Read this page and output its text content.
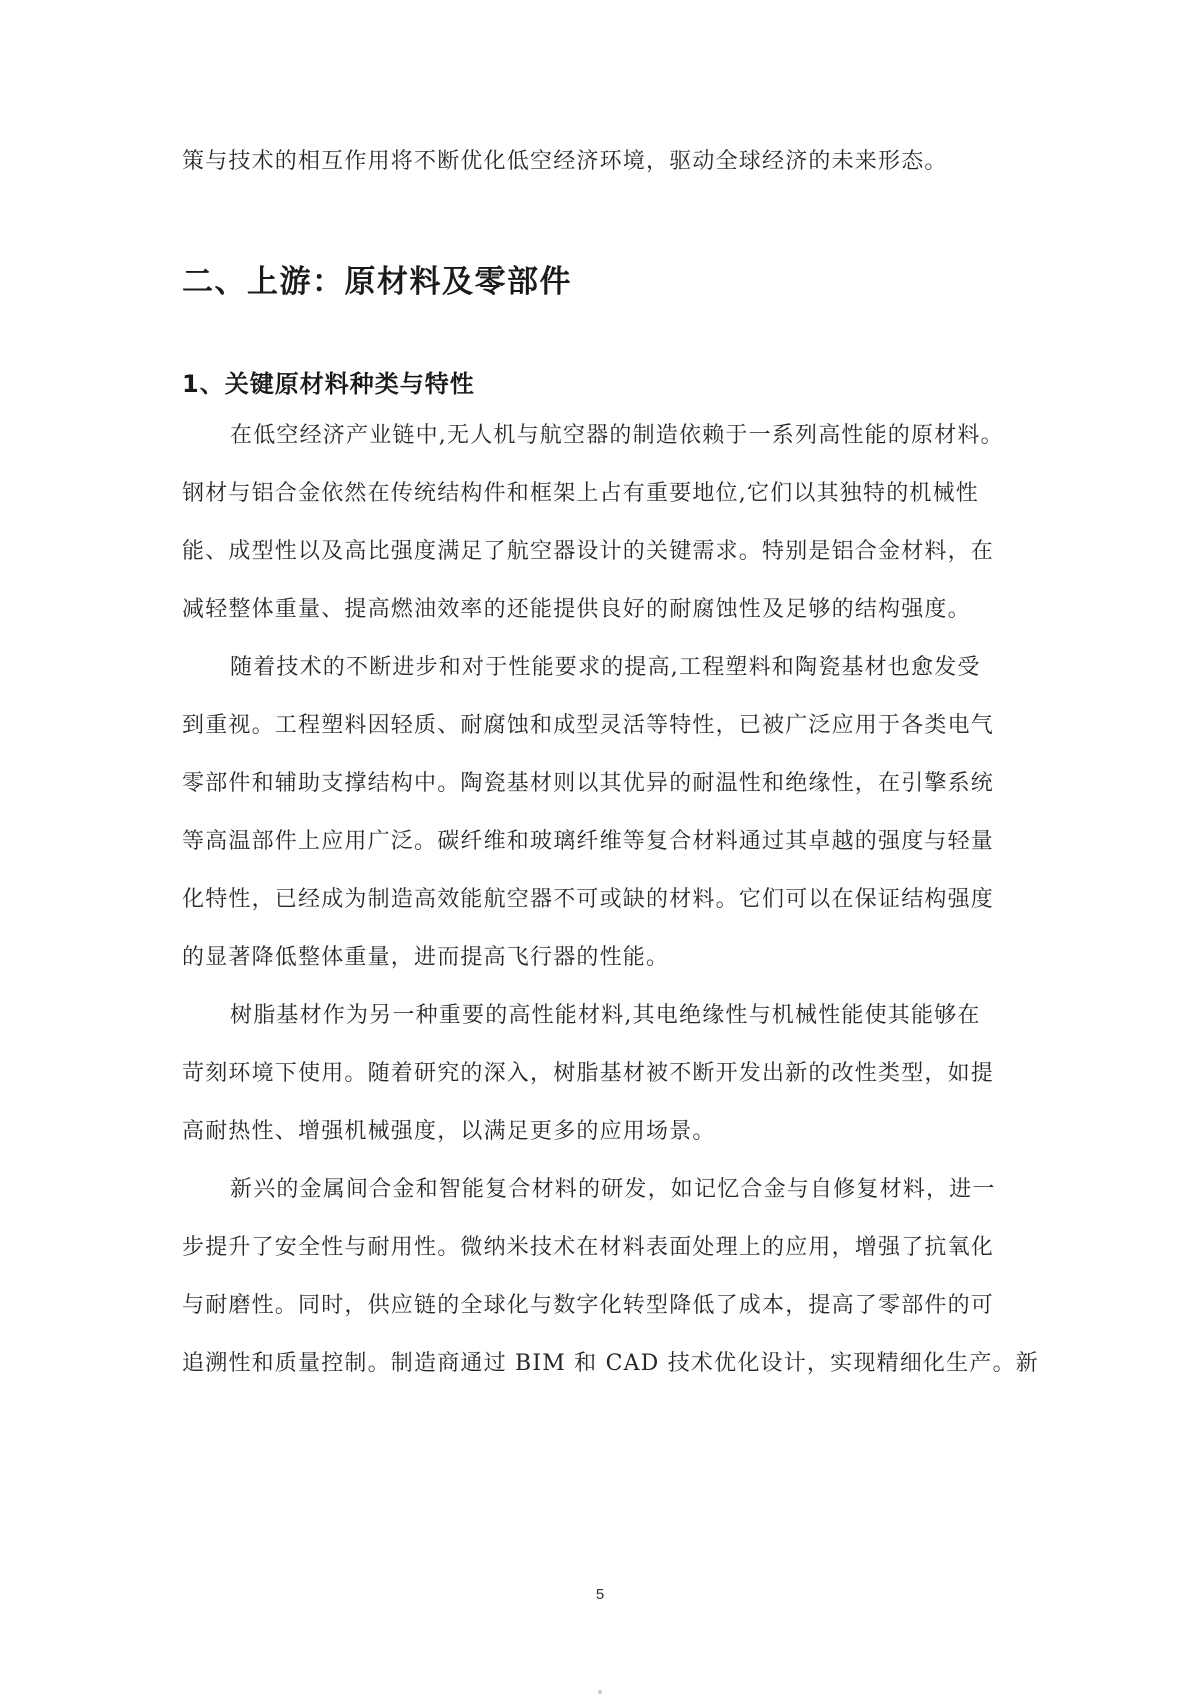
策与技术的相互作用将不断优化低空经济环境，驱动全球经济的未来形态。
二、上游：原材料及零部件
1、关键原材料种类与特性
在低空经济产业链中,无人机与航空器的制造依赖于一系列高性能的原材料。
钢材与铝合金依然在传统结构件和框架上占有重要地位,它们以其独特的机械性
能、成型性以及高比强度满足了航空器设计的关键需求。特别是铝合金材料，在
减轻整体重量、提高燃油效率的还能提供良好的耐腐蚀性及足够的结构强度。
随着技术的不断进步和对于性能要求的提高,工程塑料和陶瓷基材也愈发受
到重视。工程塑料因轻质、耐腐蚀和成型灵活等特性，已被广泛应用于各类电气
零部件和辅助支撑结构中。陶瓷基材则以其优异的耐温性和绝缘性，在引擎系统
等高温部件上应用广泛。碳纤维和玻璃纤维等复合材料通过其卓越的强度与轻量
化特性，已经成为制造高效能航空器不可或缺的材料。它们可以在保证结构强度
的显著降低整体重量，进而提高飞行器的性能。
树脂基材作为另一种重要的高性能材料,其电绝缘性与机械性能使其能够在
苛刻环境下使用。随着研究的深入，树脂基材被不断开发出新的改性类型，如提
高耐热性、增强机械强度，以满足更多的应用场景。
新兴的金属间合金和智能复合材料的研发，如记忆合金与自修复材料，进一
步提升了安全性与耐用性。微纳米技术在材料表面处理上的应用，增强了抗氧化
与耐磨性。同时，供应链的全球化与数字化转型降低了成本，提高了零部件的可
追溯性和质量控制。制造商通过 BIM 和 CAD 技术优化设计，实现精细化生产。新
5
